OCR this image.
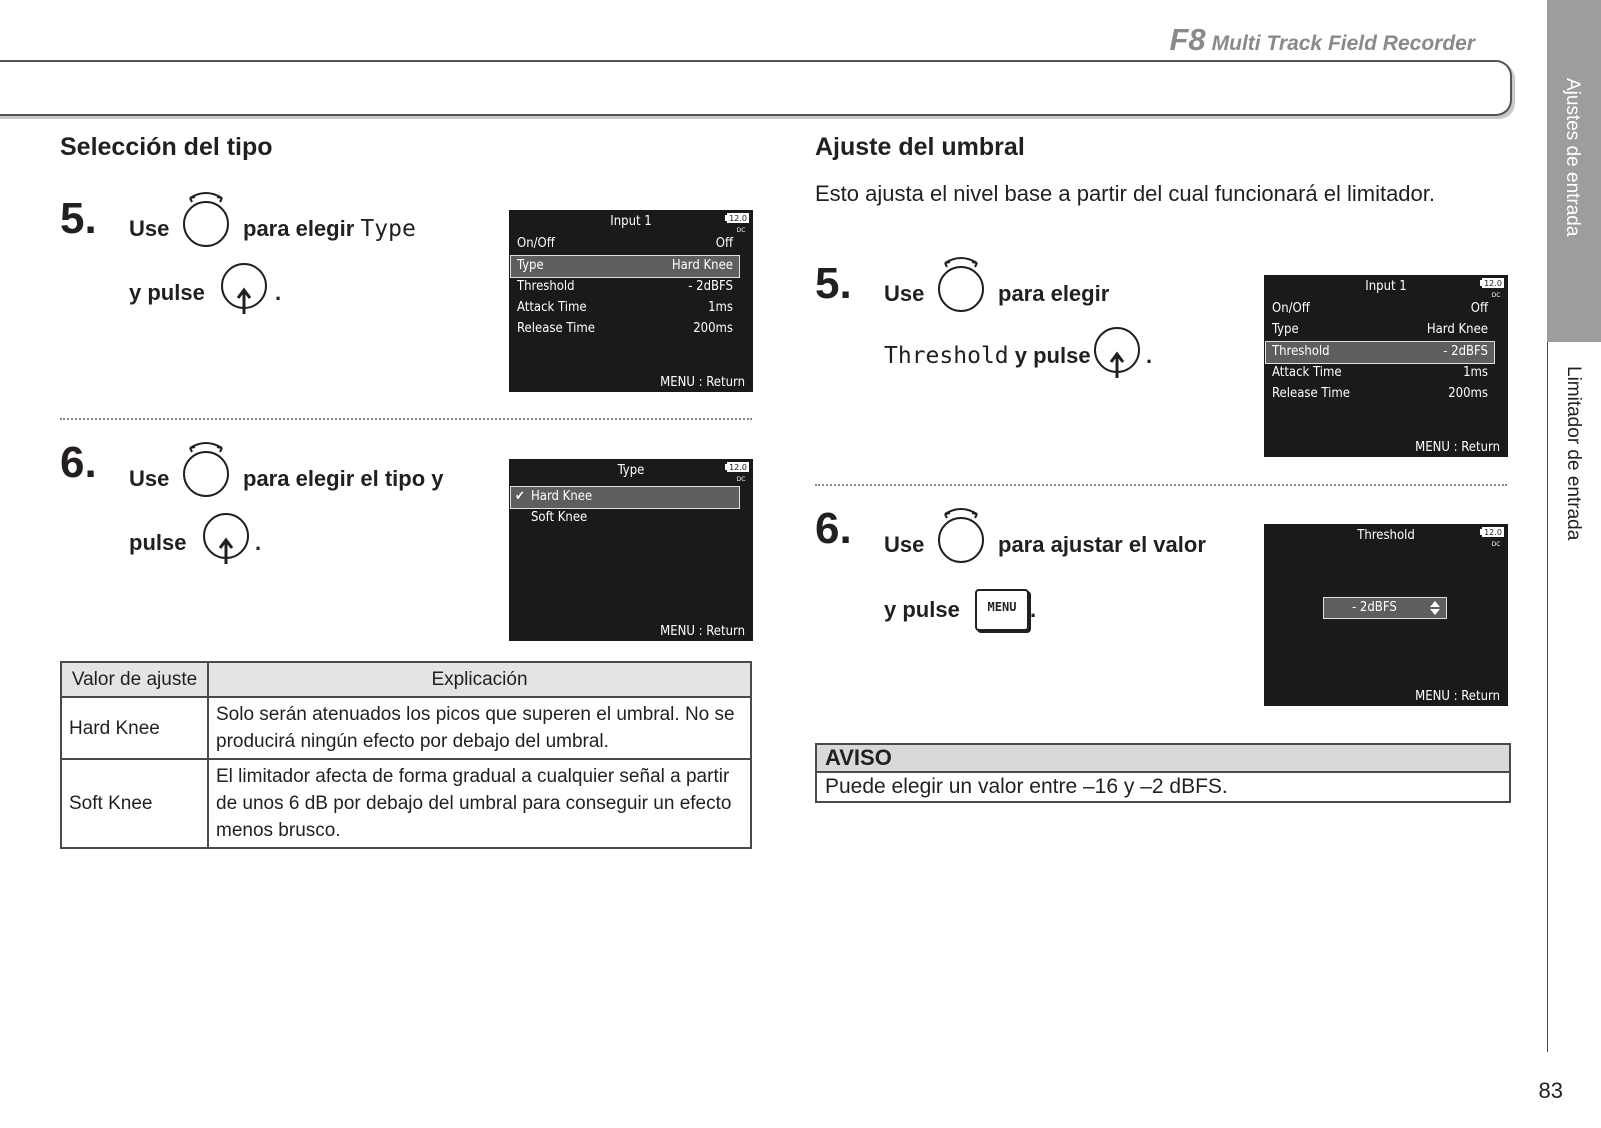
F8 Multi Track Field Recorder
Ajustes de entrada
Limitador de entrada
83
Selección del tipo
5. Use	para elegir Type
y pulse	.
Input 1	12.0
DC
On/Off	Off
Type	Hard Knee
Threshold	- 2dBFS
Attack Time	1ms
Release Time	200ms
MENU : Return
6. Use	para elegir el tipo y
pulse	.
Type	12.0
DC
✔ Hard Knee
Soft Knee
MENU : Return
Valor de ajuste	Explicación
Hard Knee	Solo serán atenuados los picos que superen el umbral. No se producirá ningún efecto por debajo del umbral.
Soft Knee	El limitador afecta de forma gradual a cualquier señal a partir de unos 6 dB por debajo del umbral para conseguir un efecto menos brusco.
Ajuste del umbral

Esto ajusta el nivel base a partir del cual funcionará el limitador.

5. Use	para elegir
Threshold y pulse	.
Input 1	12.0
DC
On/Off	Off
Type	Hard Knee
Threshold	- 2dBFS
Attack Time	1ms
Release Time	200ms
MENU : Return
6. Use	para ajustar el valor
y pulse	MENU .
Threshold	12.0
DC
- 2dBFS
MENU : Return
AVISO
Puede elegir un valor entre –16 y –2 dBFS.
